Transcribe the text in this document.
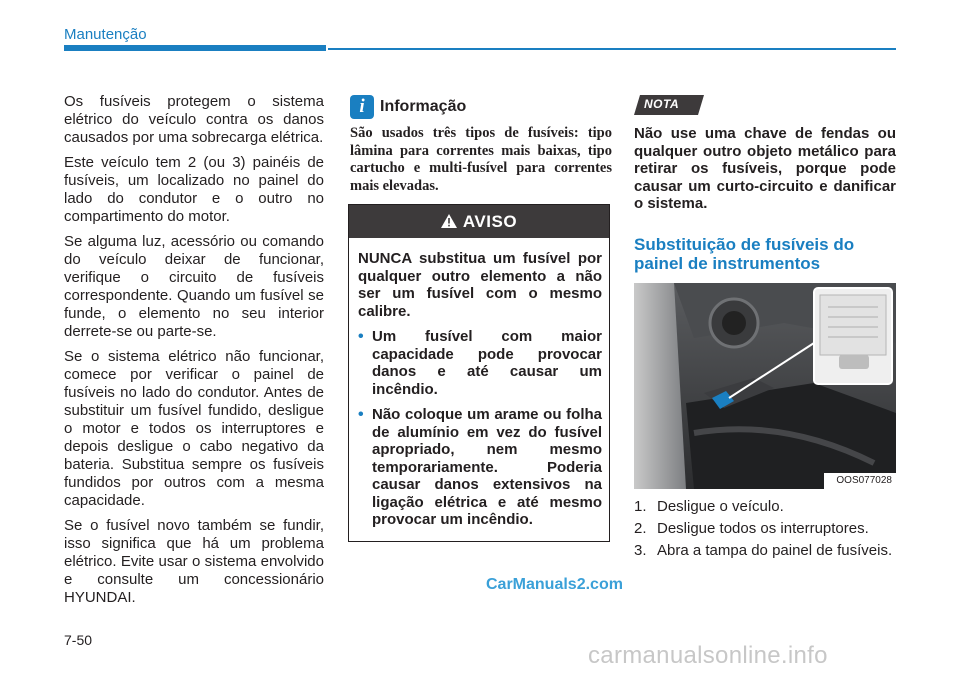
Manutenção

Os fusíveis protegem o sistema elétrico do veículo contra os danos causados por uma sobrecarga elétrica.

Este veículo tem 2 (ou 3) painéis de fusíveis, um localizado no painel do lado do condutor e o outro no compartimento do motor.

Se alguma luz, acessório ou comando do veículo deixar de funcionar, verifique o circuito de fusíveis correspondente. Quando um fusível se funde, o elemento no seu interior derrete-se ou parte-se.

Se o sistema elétrico não funcionar, comece por verificar o painel de fusíveis no lado do condutor. Antes de substituir um fusível fundido, desligue o motor e todos os interruptores e depois desligue o cabo negativo da bateria. Substitua sempre os fusíveis fundidos por outros com a mesma capacidade.

Se o fusível novo também se fundir, isso significa que há um problema elétrico. Evite usar o sistema envolvido e consulte um concessionário HYUNDAI.

i Informação
São usados três tipos de fusíveis: tipo lâmina para correntes mais baixas, tipo cartucho e multi-fusível para correntes mais elevadas.
AVISO

NUNCA substitua um fusível por qualquer outro elemento a não ser um fusível com o mesmo calibre.

• Um fusível com maior capacidade pode provocar danos e até causar um incêndio.
• Não coloque um arame ou folha de alumínio em vez do fusível apropriado, nem mesmo temporariamente. Poderia causar danos extensivos na ligação elétrica e até mesmo provocar um incêndio.
NOTA
Não use uma chave de fendas ou qualquer outro objeto metálico para retirar os fusíveis, porque pode causar um curto-circuito e danificar o sistema.
Substituição de fusíveis do painel de instrumentos
OOS077028
1. Desligue o veículo.
2. Desligue todos os interruptores.
3. Abra a tampa do painel de fusíveis.
7-50
CarManuals2.com
carmanualsonline.info
